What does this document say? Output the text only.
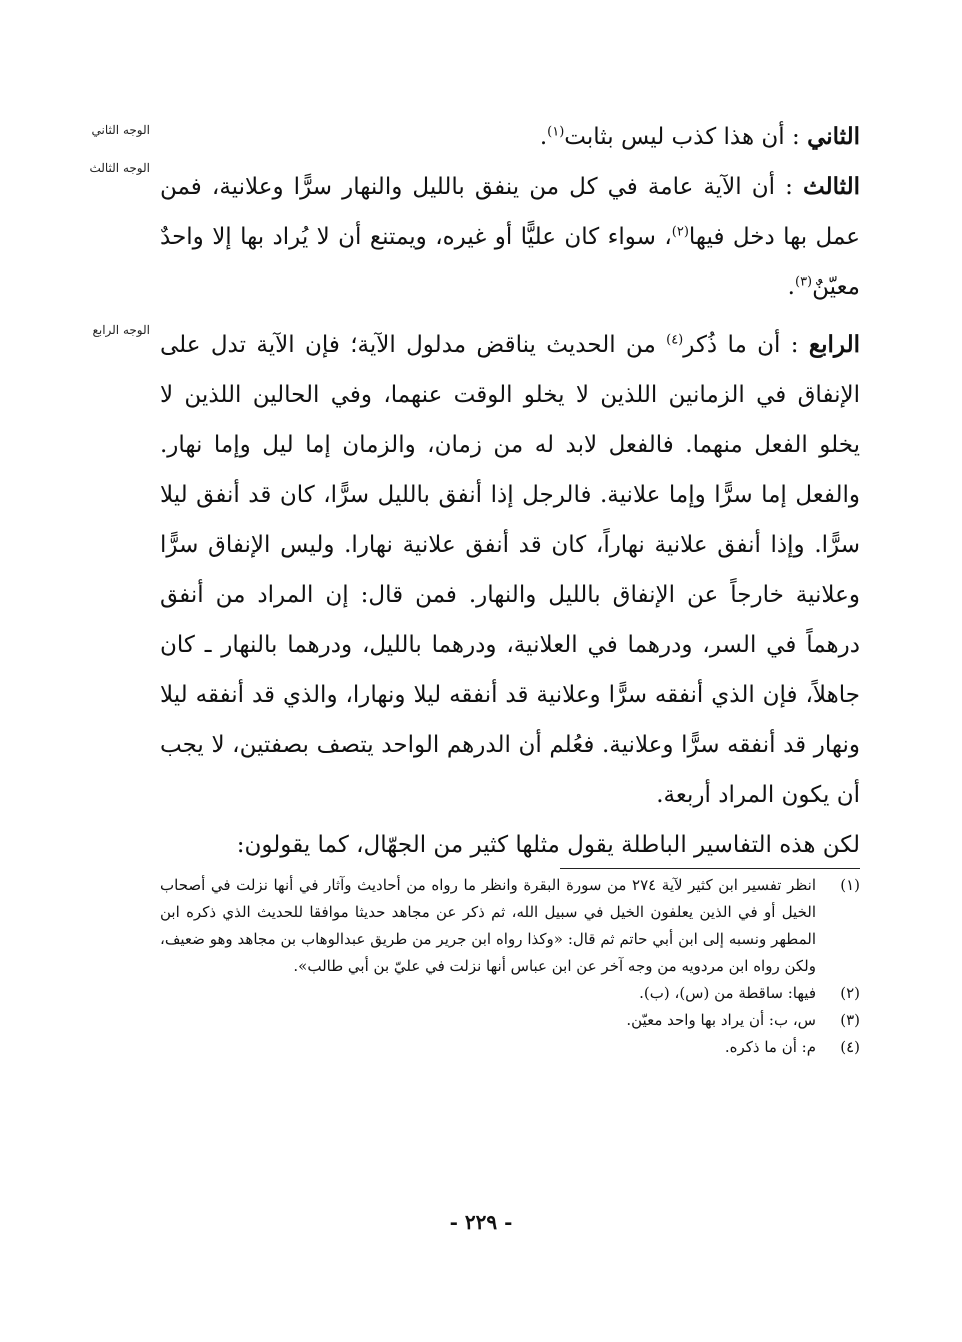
الوجه الثاني
الوجه الثالث
الوجه الرابع

الثاني : أن هذا كذب ليس بثابت$^{(١)}$.

الثالث : أن الآية عامة في كل من ينفق بالليل والنهار سرًّا وعلانية، فمن عمل بها دخل فيها$^{(٢)}$، سواء كان عليًّا أو غيره، ويمتنع أن لا يُراد بها إلا واحدٌ معيّنٌ$^{(٣)}$.

الرابع : أن ما ذُكر$^{(٤)}$ من الحديث يناقض مدلول الآية؛ فإن الآية تدل على الإنفاق في الزمانين اللذين لا يخلو الوقت عنهما، وفي الحالين اللذين لا يخلو الفعل منهما. فالفعل لابد له من زمان، والزمان إما ليل وإما نهار. والفعل إما سرًّا وإما علانية. فالرجل إذا أنفق بالليل سرًّا، كان قد أنفق ليلا سرًّا. وإذا أنفق علانية نهاراً، كان قد أنفق علانية نهارا. وليس الإنفاق سرًّا وعلانية خارجاً عن الإنفاق بالليل والنهار. فمن قال: إن المراد من أنفق درهماً في السر، ودرهما في العلانية، ودرهما بالليل، ودرهما بالنهار ـ كان جاهلاً، فإن الذي أنفقه سرًّا وعلانية قد أنفقه ليلا ونهارا، والذي قد أنفقه ليلا ونهار قد أنفقه سرًّا وعلانية. فعُلم أن الدرهم الواحد يتصف بصفتين، لا يجب أن يكون المراد أربعة.

لكن هذه التفاسير الباطلة يقول مثلها كثير من الجهّال، كما يقولون:

(١)
انظر تفسير ابن كثير لآية ٢٧٤ من سورة البقرة وانظر ما رواه من أحاديث وآثار في أنها نزلت في أصحاب الخيل أو في الذين يعلفون الخيل في سبيل الله، ثم ذكر عن مجاهد حديثا موافقا للحديث الذي ذكره ابن المطهر ونسبه إلى ابن أبي حاتم ثم قال: «وكذا رواه ابن جرير من طريق عبدالوهاب بن مجاهد وهو ضعيف، ولكن رواه ابن مردويه من وجه آخر عن ابن عباس أنها نزلت في عليّ بن أبي طالب».
(٢)
فيها: ساقطة من (س)، (ب).
(٣)
س، ب: أن يراد بها واحد معيّن.
(٤)
م: أن ما ذكره.
- ٢٢٩ -
